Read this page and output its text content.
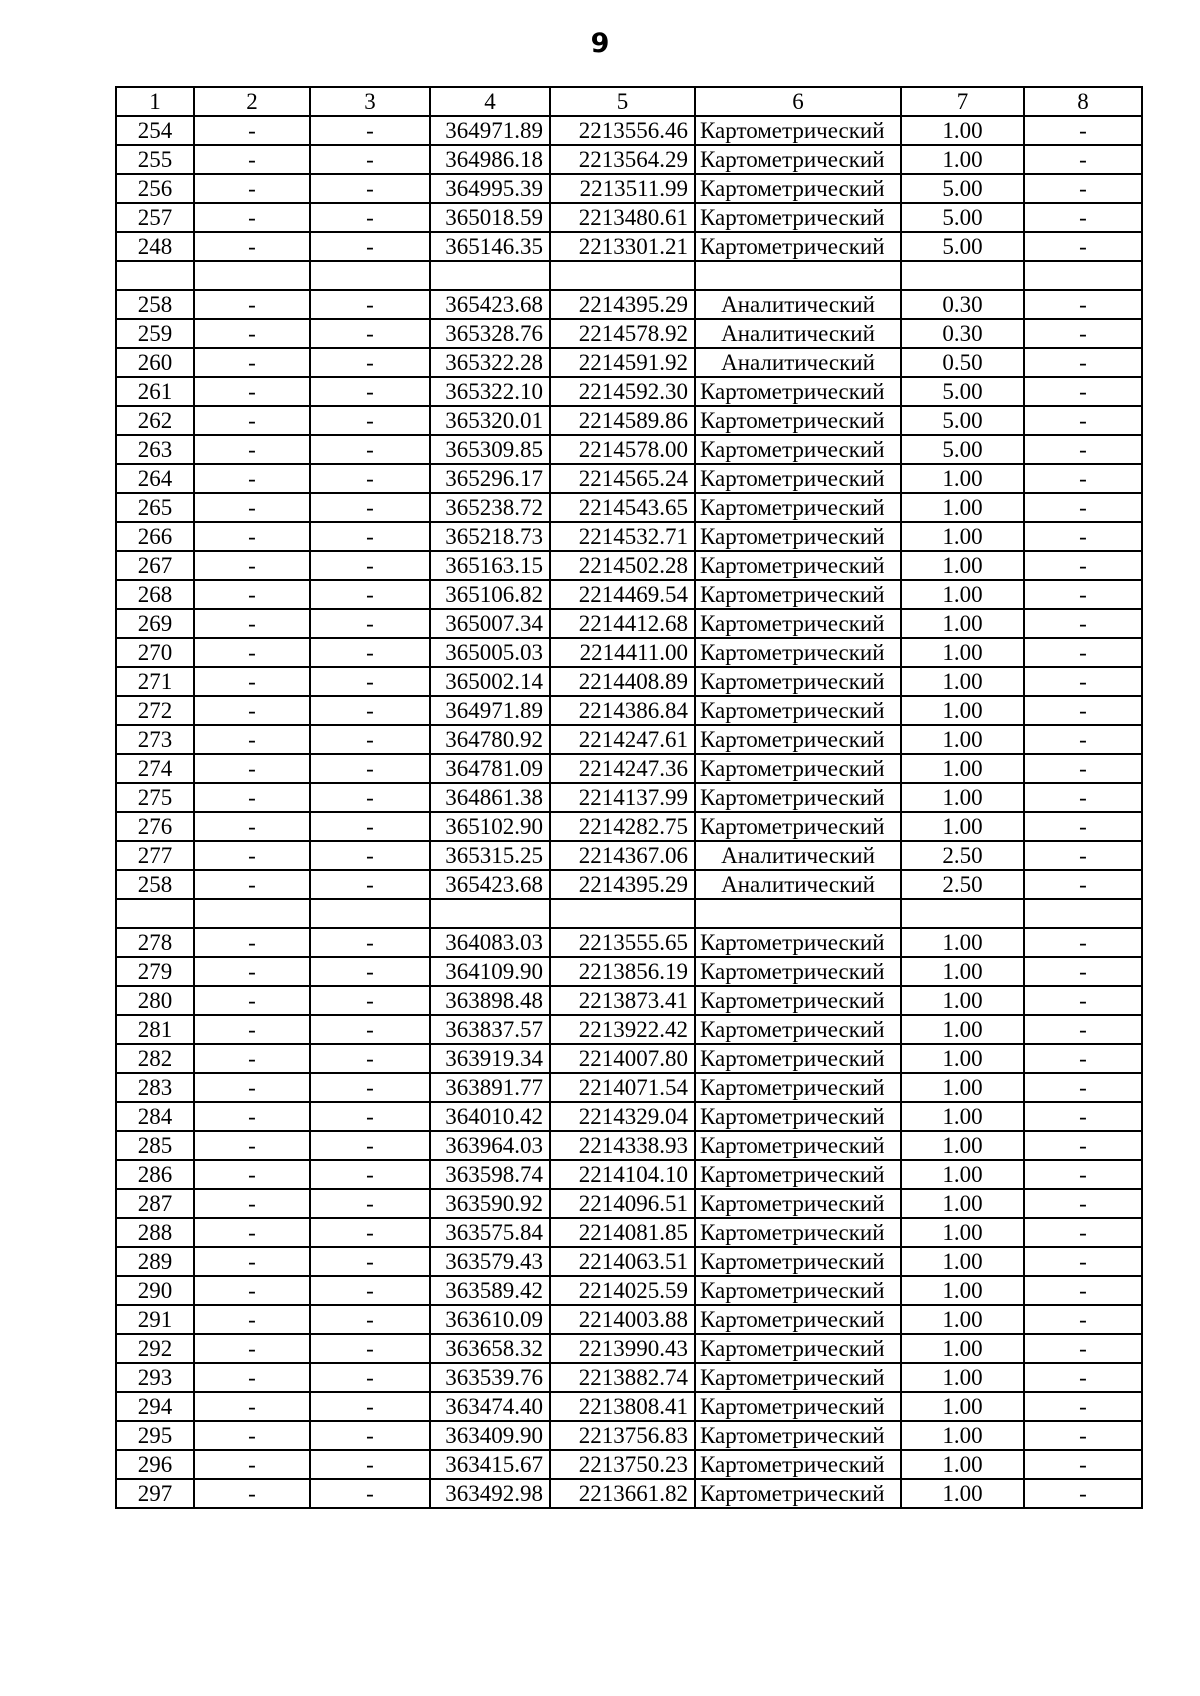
9
1	2	3	4	5	6	7	8
254	-	-	364971.89	2213556.46	Картометрический	1.00	-
255	-	-	364986.18	2213564.29	Картометрический	1.00	-
256	-	-	364995.39	2213511.99	Картометрический	5.00	-
257	-	-	365018.59	2213480.61	Картометрический	5.00	-
248	-	-	365146.35	2213301.21	Картометрический	5.00	-

258	-	-	365423.68	2214395.29	Аналитический	0.30	-
259	-	-	365328.76	2214578.92	Аналитический	0.30	-
260	-	-	365322.28	2214591.92	Аналитический	0.50	-
261	-	-	365322.10	2214592.30	Картометрический	5.00	-
262	-	-	365320.01	2214589.86	Картометрический	5.00	-
263	-	-	365309.85	2214578.00	Картометрический	5.00	-
264	-	-	365296.17	2214565.24	Картометрический	1.00	-
265	-	-	365238.72	2214543.65	Картометрический	1.00	-
266	-	-	365218.73	2214532.71	Картометрический	1.00	-
267	-	-	365163.15	2214502.28	Картометрический	1.00	-
268	-	-	365106.82	2214469.54	Картометрический	1.00	-
269	-	-	365007.34	2214412.68	Картометрический	1.00	-
270	-	-	365005.03	2214411.00	Картометрический	1.00	-
271	-	-	365002.14	2214408.89	Картометрический	1.00	-
272	-	-	364971.89	2214386.84	Картометрический	1.00	-
273	-	-	364780.92	2214247.61	Картометрический	1.00	-
274	-	-	364781.09	2214247.36	Картометрический	1.00	-
275	-	-	364861.38	2214137.99	Картометрический	1.00	-
276	-	-	365102.90	2214282.75	Картометрический	1.00	-
277	-	-	365315.25	2214367.06	Аналитический	2.50	-
258	-	-	365423.68	2214395.29	Аналитический	2.50	-

278	-	-	364083.03	2213555.65	Картометрический	1.00	-
279	-	-	364109.90	2213856.19	Картометрический	1.00	-
280	-	-	363898.48	2213873.41	Картометрический	1.00	-
281	-	-	363837.57	2213922.42	Картометрический	1.00	-
282	-	-	363919.34	2214007.80	Картометрический	1.00	-
283	-	-	363891.77	2214071.54	Картометрический	1.00	-
284	-	-	364010.42	2214329.04	Картометрический	1.00	-
285	-	-	363964.03	2214338.93	Картометрический	1.00	-
286	-	-	363598.74	2214104.10	Картометрический	1.00	-
287	-	-	363590.92	2214096.51	Картометрический	1.00	-
288	-	-	363575.84	2214081.85	Картометрический	1.00	-
289	-	-	363579.43	2214063.51	Картометрический	1.00	-
290	-	-	363589.42	2214025.59	Картометрический	1.00	-
291	-	-	363610.09	2214003.88	Картометрический	1.00	-
292	-	-	363658.32	2213990.43	Картометрический	1.00	-
293	-	-	363539.76	2213882.74	Картометрический	1.00	-
294	-	-	363474.40	2213808.41	Картометрический	1.00	-
295	-	-	363409.90	2213756.83	Картометрический	1.00	-
296	-	-	363415.67	2213750.23	Картометрический	1.00	-
297	-	-	363492.98	2213661.82	Картометрический	1.00	-
